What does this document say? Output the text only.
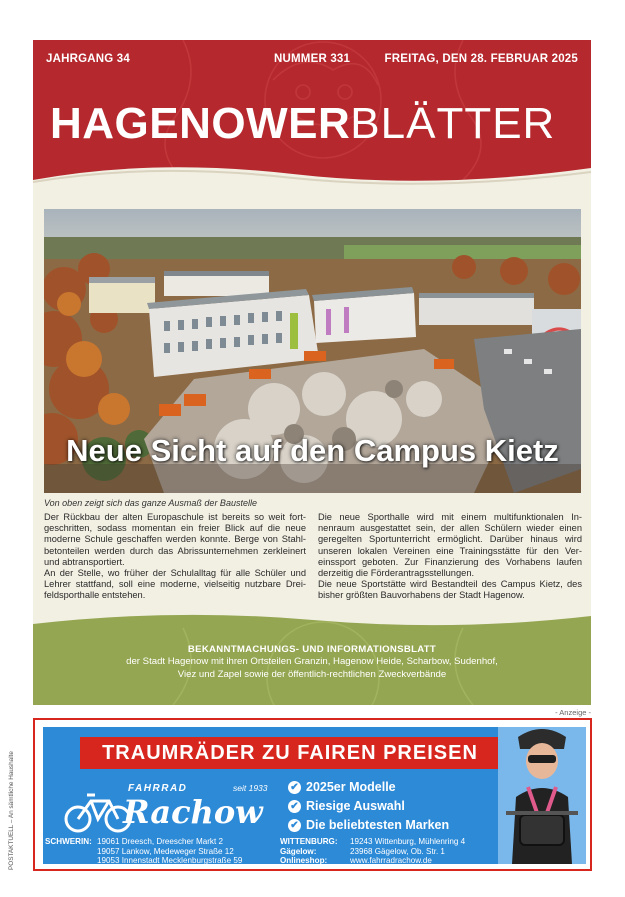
JAHRGANG 34	NUMMER 331	FREITAG, DEN 28. FEBRUAR 2025
HAGENOWERBLÄTTER
Neue Sicht auf den Campus Kietz
Von oben zeigt sich das ganze Ausmaß der Baustelle

Der Rückbau der alten Europaschule ist bereits so weit fort-geschritten, sodass momentan ein freier Blick auf die neue moderne Schule geschaffen werden konnte. Berge von Stahl-betonteilen werden durch das Abrissunternehmen zerkleinert und abtransportiert.

An der Stelle, wo früher der Schulalltag für alle Schüler und Lehrer stattfand, soll eine moderne, vielseitig nutzbare Drei-feldsporthalle entstehen.

Die neue Sporthalle wird mit einem multifunktionalen In-nenraum ausgestattet sein, der allen Schülern wieder einen geregelten Sportunterricht ermöglicht. Darüber hinaus wird unseren lokalen Vereinen eine Trainingsstätte für den Ver-einssport geboten. Zur Finanzierung des Vorhabens laufen derzeitig die Förderantragsstellungen.

Die neue Sportstätte wird Bestandteil des Campus Kietz, des bisher größten Bauvorhabens der Stadt Hagenow.

BEKANNTMACHUNGS- UND INFORMATIONSBLATT
der Stadt Hagenow mit ihren Ortsteilen Granzin, Hagenow Heide, Scharbow, Sudenhof,
Viez und Zapel sowie der öffentlich-rechtlichen Zweckverbände
- Anzeige -
TRAUMRÄDER ZU FAIREN PREISEN
FAHRRAD	seit 1933
Rachow
✔ 2025er Modelle
✔ Riesige Auswahl
✔ Die beliebtesten Marken
SCHWERIN: 19061 Dreesch, Dreescher Markt 2
19057 Lankow, Medeweger Straße 12
19053 Innenstadt Mecklenburgstraße 59
WITTENBURG: 19243 Wittenburg, Mühlenring 4
Gägelow:	23968 Gägelow, Ob. Str. 1
Onlineshop:	www.fahrradrachow.de
POSTAKTUELL – An sämtliche Haushalte
